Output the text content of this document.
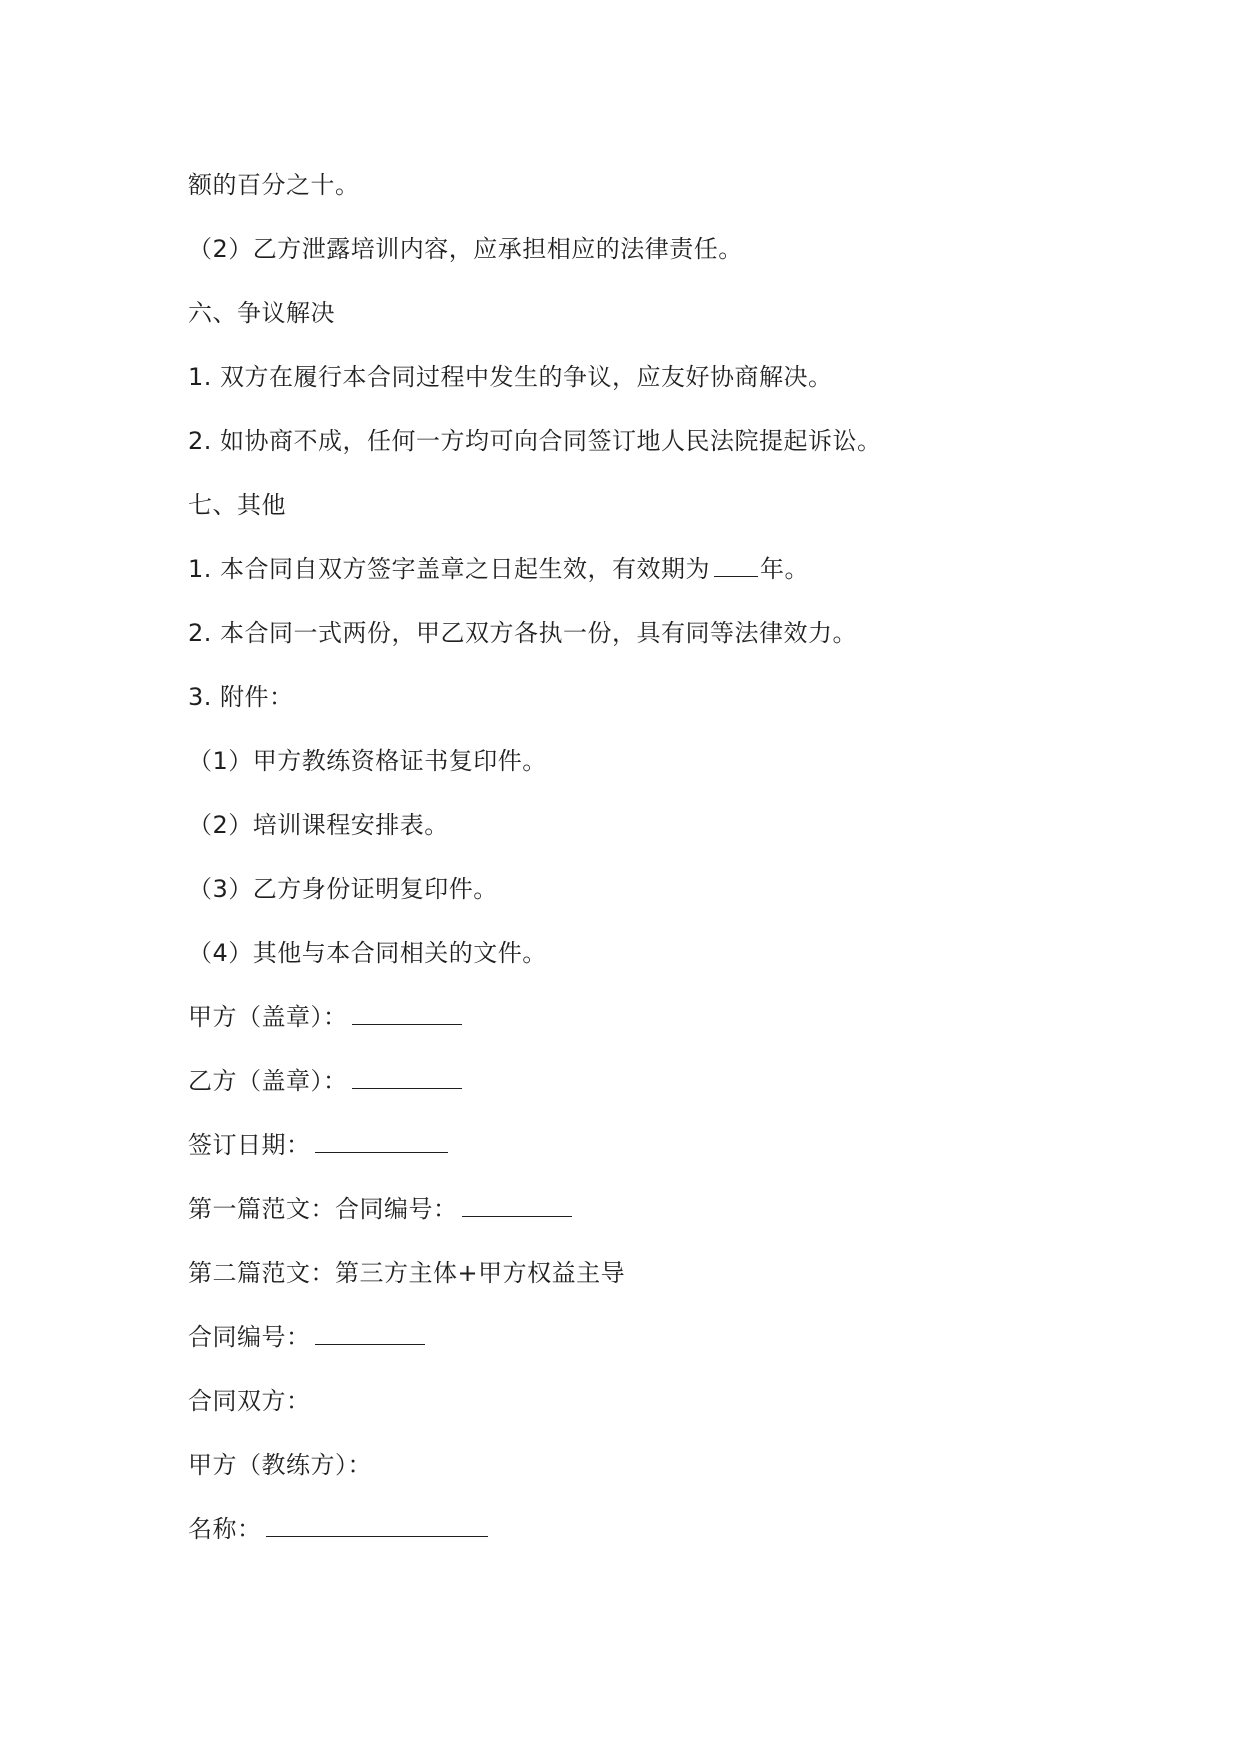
额的百分之十。
（2）乙方泄露培训内容，应承担相应的法律责任。
六、争议解决
1. 双方在履行本合同过程中发生的争议，应友好协商解决。
2. 如协商不成，任何一方均可向合同签订地人民法院提起诉讼。
七、其他
1. 本合同自双方签字盖章之日起生效，有效期为 年。
2. 本合同一式两份，甲乙双方各执一份，具有同等法律效力。
3. 附件：
（1）甲方教练资格证书复印件。
（2）培训课程安排表。
（3）乙方身份证明复印件。
（4）其他与本合同相关的文件。
甲方（盖章）：
乙方（盖章）：
签订日期：
第一篇范文：合同编号：
第二篇范文：第三方主体+甲方权益主导
合同编号：
合同双方：
甲方（教练方）：
名称：
